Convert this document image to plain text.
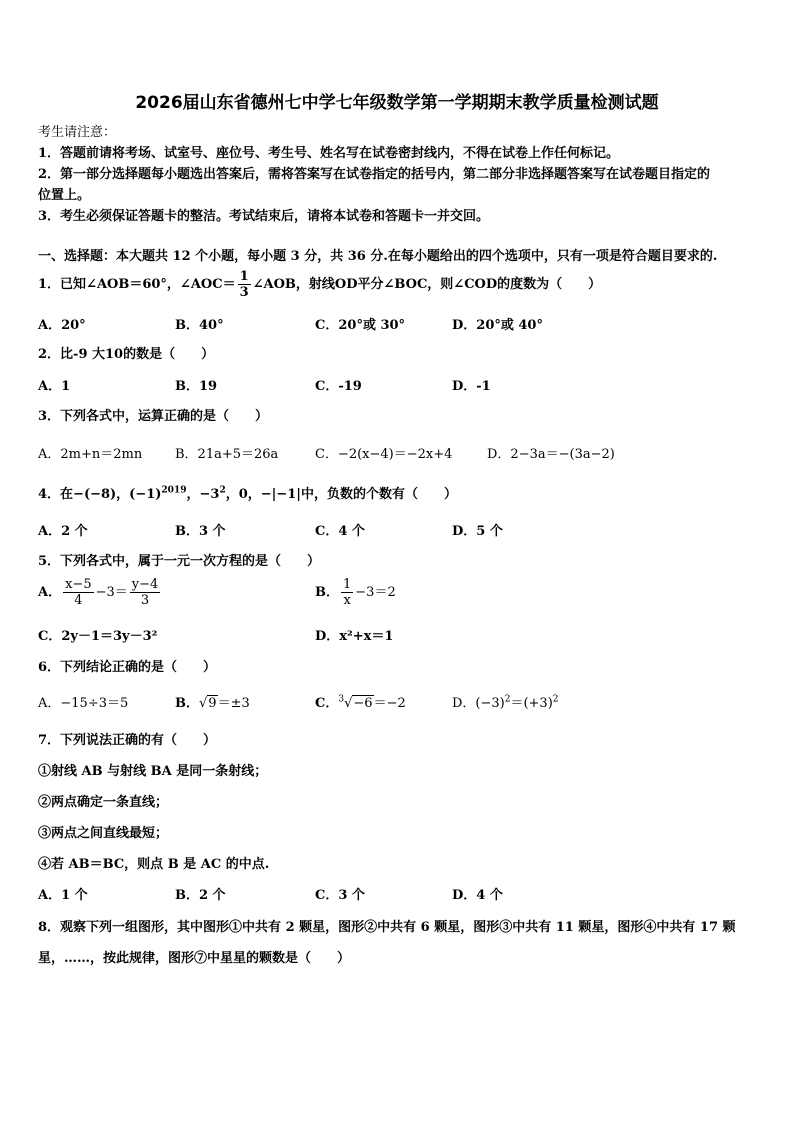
2026届山东省德州七中学七年级数学第一学期期末教学质量检测试题
考生请注意：
1．答题前请将考场、试室号、座位号、考生号、姓名写在试卷密封线内，不得在试卷上作任何标记。
2．第一部分选择题每小题选出答案后，需将答案写在试卷指定的括号内，第二部分非选择题答案写在试卷题目指定的
位置上。
3．考生必须保证答题卡的整洁。考试结束后，请将本试卷和答题卡一并交回。
一、选择题：本大题共 12 个小题，每小题 3 分，共 36 分.在每小题给出的四个选项中，只有一项是符合题目要求的.
1．已知∠AOB＝60°，∠AOC＝ $\frac{1}{3}$ ∠AOB，射线OD平分∠BOC，则∠COD的度数为（　　）
A．20°	B．40°	C．20°或 30°	D．20°或 40°
2．比-9 大10的数是（　　）
A．1	B．19	C．-19	D．-1
3．下列各式中，运算正确的是（　　）
A．2m+n＝2mn	B．21a+5＝26a	C．−2(x−4)＝−2x+4	D．2−3a＝−(3a−2)
4．在−(−8)，$(-1)^{2019}$，$-3^2$，0，−|−1|中，负数的个数有（　　）
A．2 个	B．3 个	C．4 个	D．5 个
5．下列各式中，属于一元一次方程的是（　　）
A． $\frac{x-5}{4} -3= \frac{y-4}{3}$	B． $\frac{1}{x} -3=2$
C．2y－1＝3y－3²	D．x²+x＝1
6．下列结论正确的是（　　）
A．−15÷3＝5	B．√9＝±3	C．$^3$√−6＝−2	D．$(-3)^2=(+3)^2$
7．下列说法正确的有（　　）
①射线 AB 与射线 BA 是同一条射线；
②两点确定一条直线；
③两点之间直线最短；
④若 AB＝BC，则点 B 是 AC 的中点.
A．1 个	B．2 个	C．3 个	D．4 个
8．观察下列一组图形，其中图形①中共有 2 颗星，图形②中共有 6 颗星，图形③中共有 11 颗星，图形④中共有 17 颗
星，……，按此规律，图形⑦中星星的颗数是（　　）
